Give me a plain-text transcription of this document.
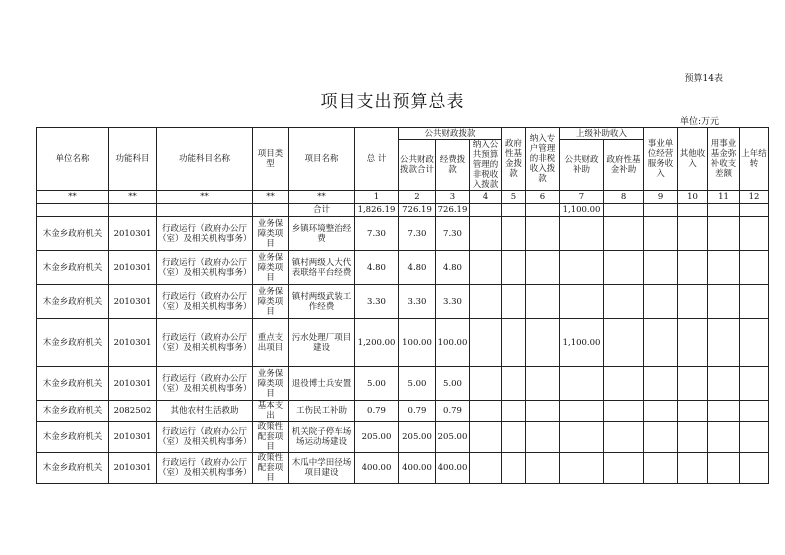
预算14表
项目支出预算总表
单位:万元
单位名称	功能科目	功能科目名称	项目类型	项目名称	总 计	公共财政拨款			政府性基金拨款	纳入专户管理的非税收入拨款	上级补助收入		事业单位经营服务收入	其他收入	用事业基金弥补收支差额	上年结转
						公共财政拨款合计	经费拨款	纳入公共预算管理的非税收入拨款			公共财政补助	政府性基金补助				
**	**	**	**	**	1	2	3	4	5	6	7	8	9	10	11	12
				合计	1,826.19	726.19	726.19				1,100.00					
木金乡政府机关	2010301	行政运行（政府办公厅（室）及相关机构事务）	业务保障类项目	乡镇环境整治经费	7.30	7.30	7.30									
木金乡政府机关	2010301	行政运行（政府办公厅（室）及相关机构事务）	业务保障类项目	镇村两级人大代表联络平台经费	4.80	4.80	4.80									
木金乡政府机关	2010301	行政运行（政府办公厅（室）及相关机构事务）	业务保障类项目	镇村两级武装工作经费	3.30	3.30	3.30									
木金乡政府机关	2010301	行政运行（政府办公厅（室）及相关机构事务）	重点支出项目	污水处理厂项目建设	1,200.00	100.00	100.00				1,100.00					
木金乡政府机关	2010301	行政运行（政府办公厅（室）及相关机构事务）	业务保障类项目	退役博士兵安置	5.00	5.00	5.00									
木金乡政府机关	2082502	其他农村生活救助	基本支出	工伤民工补助	0.79	0.79	0.79									
木金乡政府机关	2010301	行政运行（政府办公厅（室）及相关机构事务）	政策性配套项目	机关院子停车场场运动场建设	205.00	205.00	205.00									
木金乡政府机关	2010301	行政运行（政府办公厅（室）及相关机构事务）	政策性配套项目	木瓜中学田径场项目建设	400.00	400.00	400.00									
